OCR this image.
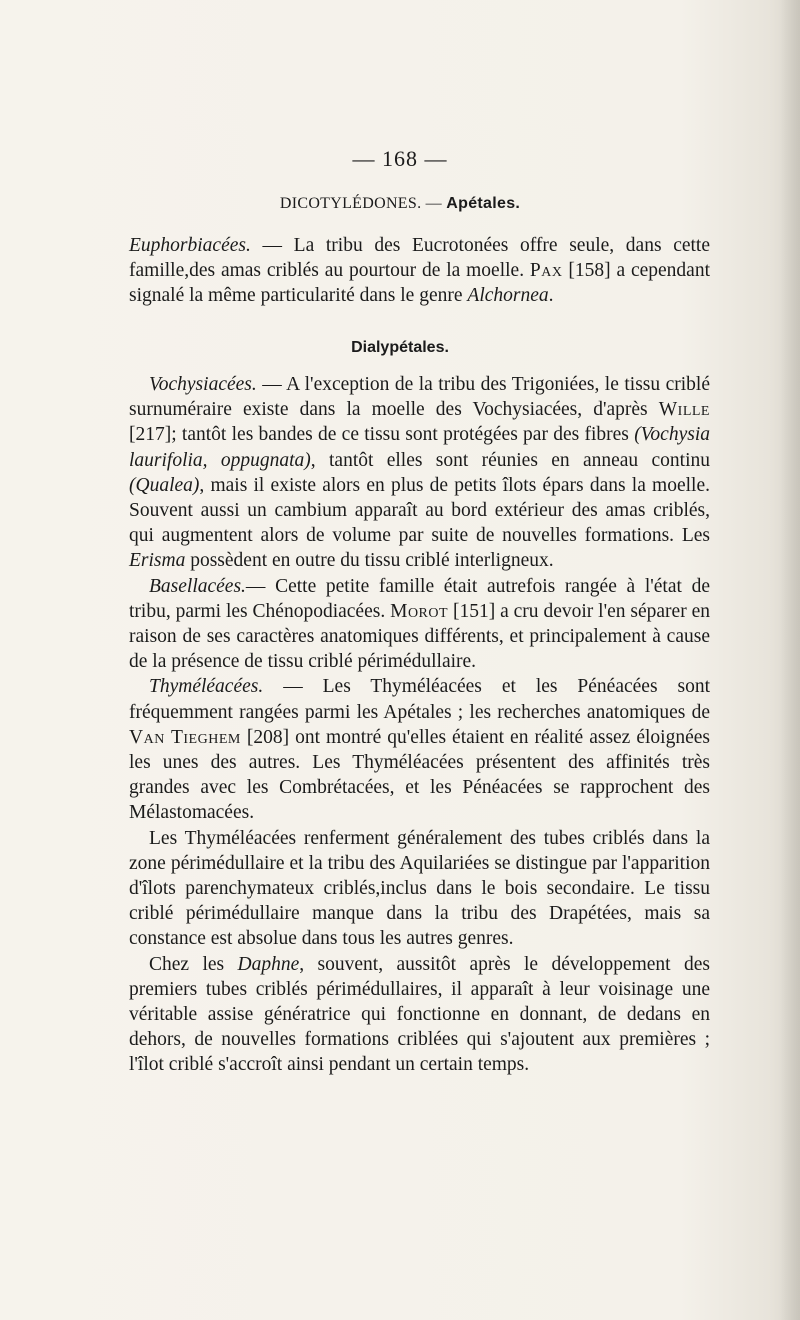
— 168 —
DICOTYLÉDONES. — Apétales.

Euphorbiacées. — La tribu des Eucrotonées offre seule, dans cette famille,des amas criblés au pourtour de la moelle. Pax [158] a cependant signalé la même particularité dans le genre Alchornea.

Dialypétales.

Vochysiacées. — A l'exception de la tribu des Trigoniées, le tissu criblé surnuméraire existe dans la moelle des Vochysiacées, d'après Wille [217]; tantôt les bandes de ce tissu sont protégées par des fibres (Vochysia laurifolia, oppugnata), tantôt elles sont réunies en anneau continu (Qualea), mais il existe alors en plus de petits îlots épars dans la moelle. Souvent aussi un cambium apparaît au bord extérieur des amas criblés, qui augmentent alors de volume par suite de nouvelles formations. Les Erisma possèdent en outre du tissu criblé interligneux.

Basellacées.— Cette petite famille était autrefois rangée à l'état de tribu, parmi les Chénopodiacées. Morot [151] a cru devoir l'en séparer en raison de ses caractères anatomiques différents, et principalement à cause de la présence de tissu criblé périmédullaire.

Thyméléacées. — Les Thyméléacées et les Pénéacées sont fréquemment rangées parmi les Apétales ; les recherches anatomiques de Van Tieghem [208] ont montré qu'elles étaient en réalité assez éloignées les unes des autres. Les Thyméléacées présentent des affinités très grandes avec les Combrétacées, et les Pénéacées se rapprochent des Mélastomacées.

Les Thyméléacées renferment généralement des tubes criblés dans la zone périmédullaire et la tribu des Aquilariées se distingue par l'apparition d'îlots parenchymateux criblés,inclus dans le bois secondaire. Le tissu criblé périmédullaire manque dans la tribu des Drapétées, mais sa constance est absolue dans tous les autres genres.

Chez les Daphne, souvent, aussitôt après le développement des premiers tubes criblés périmédullaires, il apparaît à leur voisinage une véritable assise génératrice qui fonctionne en donnant, de dedans en dehors, de nouvelles formations criblées qui s'ajoutent aux premières ; l'îlot criblé s'accroît ainsi pendant un certain temps.
